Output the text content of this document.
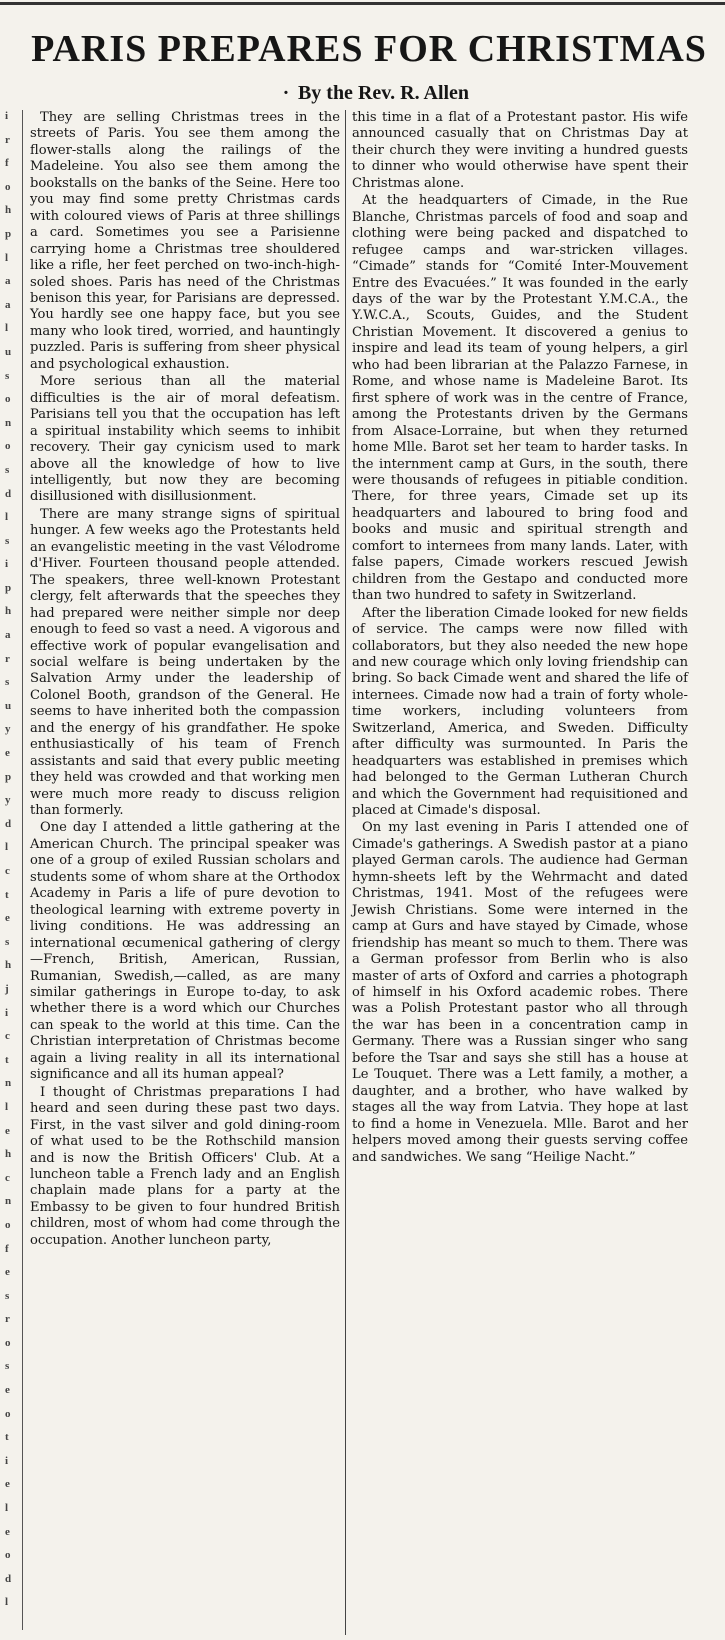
i
r
f
o
h
p
l
a
a
l
u
s
o
n
o
s
d
l
s
i
p
h
a
r
s
u
y
e
p
y
d
l
c
t
e
s
h
j
i
c
t
n
l
e
h
c
n
o
f
e
s
r
o
s
e
o
t
i
e
l
e
o
d
l
PARIS PREPARES FOR CHRISTMAS
· By the Rev. R. Allen

They are selling Christmas trees in the streets of Paris. You see them among the flower-stalls along the railings of the Madeleine. You also see them among the bookstalls on the banks of the Seine. Here too you may find some pretty Christmas cards with coloured views of Paris at three shillings a card. Sometimes you see a Parisienne carrying home a Christmas tree shouldered like a rifle, her feet perched on two-inch-high-soled shoes. Paris has need of the Christmas benison this year, for Parisians are depressed. You hardly see one happy face, but you see many who look tired, worried, and hauntingly puzzled. Paris is suffering from sheer physical and psychological exhaustion.

More serious than all the material difficulties is the air of moral defeatism. Parisians tell you that the occupation has left a spiritual instability which seems to inhibit recovery. Their gay cynicism used to mark above all the knowledge of how to live intelligently, but now they are becoming disillusioned with disillusionment.

There are many strange signs of spiritual hunger. A few weeks ago the Protestants held an evangelistic meeting in the vast Vélodrome d'Hiver. Fourteen thousand people attended. The speakers, three well-known Protestant clergy, felt afterwards that the speeches they had prepared were neither simple nor deep enough to feed so vast a need. A vigorous and effective work of popular evangelisation and social welfare is being undertaken by the Salvation Army under the leadership of Colonel Booth, grandson of the General. He seems to have inherited both the compassion and the energy of his grandfather. He spoke enthusiastically of his team of French assistants and said that every public meeting they held was crowded and that working men were much more ready to discuss religion than formerly.

One day I attended a little gathering at the American Church. The principal speaker was one of a group of exiled Russian scholars and students some of whom share at the Orthodox Academy in Paris a life of pure devotion to theological learning with extreme poverty in living conditions. He was addressing an international œcumenical gathering of clergy—French, British, American, Russian, Rumanian, Swedish,—called, as are many similar gatherings in Europe to-day, to ask whether there is a word which our Churches can speak to the world at this time. Can the Christian interpretation of Christmas become again a living reality in all its international significance and all its human appeal?

I thought of Christmas preparations I had heard and seen during these past two days. First, in the vast silver and gold dining-room of what used to be the Rothschild mansion and is now the British Officers' Club. At a luncheon table a French lady and an English chaplain made plans for a party at the Embassy to be given to four hundred British children, most of whom had come through the occupation. Another luncheon party,

this time in a flat of a Protestant pastor. His wife announced casually that on Christmas Day at their church they were inviting a hundred guests to dinner who would otherwise have spent their Christmas alone.

At the headquarters of Cimade, in the Rue Blanche, Christmas parcels of food and soap and clothing were being packed and dispatched to refugee camps and war-stricken villages. “Cimade” stands for “Comité Inter-Mouvement Entre des Evacuées.” It was founded in the early days of the war by the Protestant Y.M.C.A., the Y.W.C.A., Scouts, Guides, and the Student Christian Movement. It discovered a genius to inspire and lead its team of young helpers, a girl who had been librarian at the Palazzo Farnese, in Rome, and whose name is Madeleine Barot. Its first sphere of work was in the centre of France, among the Protestants driven by the Germans from Alsace-Lorraine, but when they returned home Mlle. Barot set her team to harder tasks. In the internment camp at Gurs, in the south, there were thousands of refugees in pitiable condition. There, for three years, Cimade set up its headquarters and laboured to bring food and books and music and spiritual strength and comfort to internees from many lands. Later, with false papers, Cimade workers rescued Jewish children from the Gestapo and conducted more than two hundred to safety in Switzerland.

After the liberation Cimade looked for new fields of service. The camps were now filled with collaborators, but they also needed the new hope and new courage which only loving friendship can bring. So back Cimade went and shared the life of internees. Cimade now had a train of forty whole-time workers, including volunteers from Switzerland, America, and Sweden. Difficulty after difficulty was surmounted. In Paris the headquarters was established in premises which had belonged to the German Lutheran Church and which the Government had requisitioned and placed at Cimade's disposal.

On my last evening in Paris I attended one of Cimade's gatherings. A Swedish pastor at a piano played German carols. The audience had German hymn-sheets left by the Wehrmacht and dated Christmas, 1941. Most of the refugees were Jewish Christians. Some were interned in the camp at Gurs and have stayed by Cimade, whose friendship has meant so much to them. There was a German professor from Berlin who is also master of arts of Oxford and carries a photograph of himself in his Oxford academic robes. There was a Polish Protestant pastor who all through the war has been in a concentration camp in Germany. There was a Russian singer who sang before the Tsar and says she still has a house at Le Touquet. There was a Lett family, a mother, a daughter, and a brother, who have walked by stages all the way from Latvia. They hope at last to find a home in Venezuela. Mlle. Barot and her helpers moved among their guests serving coffee and sandwiches. We sang “Heilige Nacht.”
